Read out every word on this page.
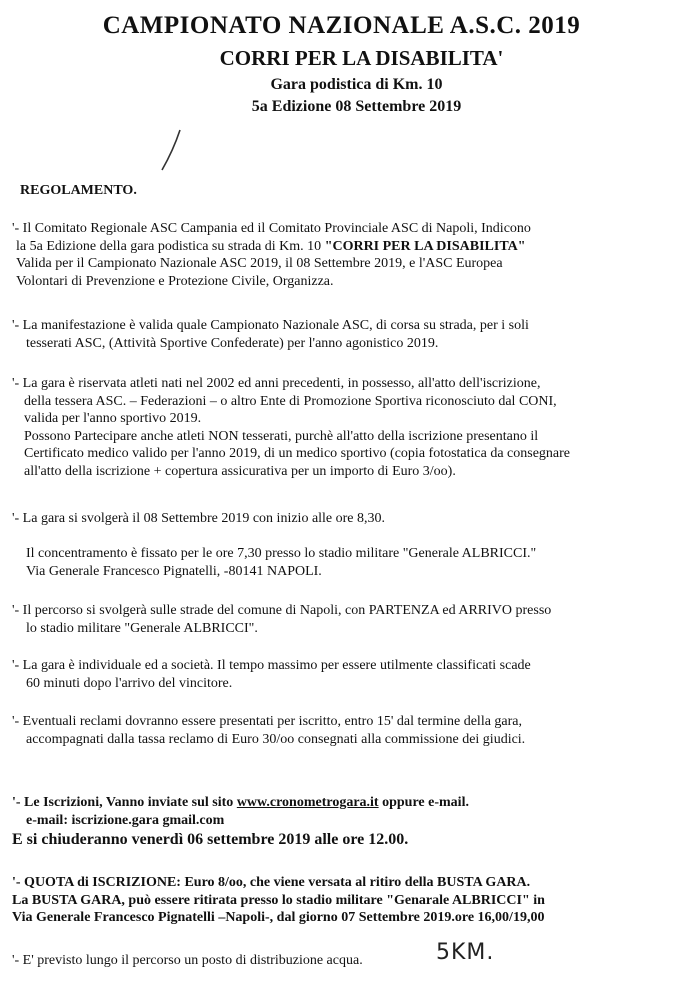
CAMPIONATO NAZIONALE A.S.C. 2019
CORRI PER LA DISABILITA'
Gara podistica di Km. 10
5a Edizione 08 Settembre 2019
REGOLAMENTO.
'- Il Comitato Regionale ASC Campania ed il Comitato Provinciale ASC di Napoli, Indicono
la 5a Edizione della gara podistica su strada di Km. 10 "CORRI PER LA DISABILITA"
Valida per il Campionato Nazionale ASC 2019, il 08 Settembre 2019, e l'ASC Europea
Volontari di Prevenzione e Protezione Civile, Organizza.
'- La manifestazione è valida quale Campionato Nazionale ASC, di corsa su strada, per i soli
tesserati ASC, (Attività Sportive Confederate) per l'anno agonistico 2019.
'- La gara è riservata atleti nati nel 2002 ed anni precedenti, in possesso, all'atto dell'iscrizione,
della tessera ASC. – Federazioni – o altro Ente di Promozione Sportiva riconosciuto dal CONI,
valida per l'anno sportivo 2019.
Possono Partecipare anche atleti NON tesserati, purchè all'atto della iscrizione presentano il
Certificato medico valido per l'anno 2019, di un medico sportivo (copia fotostatica da consegnare
all'atto della iscrizione + copertura assicurativa per un importo di Euro 3/oo).
'- La gara si svolgerà il 08 Settembre 2019 con inizio alle ore 8,30.
Il concentramento è fissato per le ore 7,30 presso lo stadio militare "Generale ALBRICCI."
Via Generale Francesco Pignatelli, -80141 NAPOLI.
'- Il percorso si svolgerà sulle strade del comune di Napoli, con PARTENZA ed ARRIVO presso
lo stadio militare "Generale ALBRICCI".
'- La gara è individuale ed a società. Il tempo massimo per essere utilmente classificati scade
60 minuti dopo l'arrivo del vincitore.
'- Eventuali reclami dovranno essere presentati per iscritto, entro 15' dal termine della gara,
accompagnati dalla tassa reclamo di Euro 30/oo consegnati alla commissione dei giudici.
'- Le Iscrizioni, Vanno inviate sul sito www.cronometrogara.it oppure e-mail.
e-mail: iscrizione.gara gmail.com
E si chiuderanno venerdì 06 settembre 2019 alle ore 12.00.
'- QUOTA di ISCRIZIONE: Euro 8/oo, che viene versata al ritiro della BUSTA GARA.
La BUSTA GARA, può essere ritirata presso lo stadio militare "Genarale ALBRICCI" in
Via Generale Francesco Pignatelli –Napoli-, dal giorno 07 Settembre 2019.ore 16,00/19,00
'- E' previsto lungo il percorso un posto di distribuzione acqua.	5KM.
